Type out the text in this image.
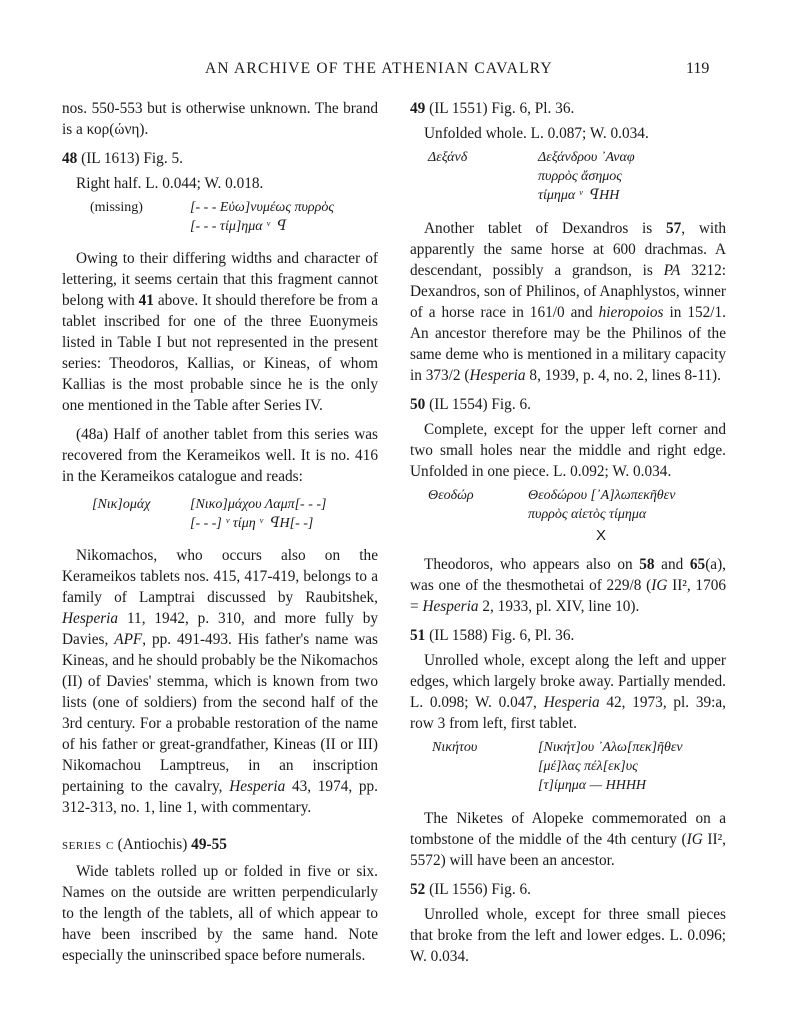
AN ARCHIVE OF THE ATHENIAN CAVALRY	119

nos. 550-553 but is otherwise unknown. The brand is a κορ(ώνη).

48 (IL 1613) Fig. 5.

Right half. L. 0.044; W. 0.018.

(missing)	[- - - Εὐω]νυμέως πυρρὸς
[- - - τίμ]ημα ᵛ  ꟼ

Owing to their differing widths and character of lettering, it seems certain that this fragment cannot belong with 41 above. It should therefore be from a tablet inscribed for one of the three Euonymeis listed in Table I but not represented in the present series: Theodoros, Kallias, or Kineas, of whom Kallias is the most probable since he is the only one mentioned in the Table after Series IV.

(48a) Half of another tablet from this series was recovered from the Kerameikos well. It is no. 416 in the Kerameikos catalogue and reads:

[Νικ]ομάχ	[Νικο]μάχου Λαμπ[- - -]
[- - -] ᵛ τίμη ᵛ  ꟼH[- -]

Nikomachos, who occurs also on the Kerameikos tablets nos. 415, 417-419, belongs to a family of Lamptrai discussed by Raubitshek, Hesperia 11, 1942, p. 310, and more fully by Davies, APF, pp. 491-493. His father's name was Kineas, and he should probably be the Nikomachos (II) of Davies' stemma, which is known from two lists (one of soldiers) from the second half of the 3rd century. For a probable restoration of the name of his father or great-grandfather, Kineas (II or III) Nikomachou Lamptreus, in an inscription pertaining to the cavalry, Hesperia 43, 1974, pp. 312-313, no. 1, line 1, with commentary.

series c (Antiochis) 49-55

Wide tablets rolled up or folded in five or six. Names on the outside are written perpendicularly to the length of the tablets, all of which appear to have been inscribed by the same hand. Note especially the uninscribed space before numerals.

49 (IL 1551) Fig. 6, Pl. 36.

Unfolded whole. L. 0.087; W. 0.034.

Δεξάνδ	Δεξάνδρου ᾿Αναφ
πυρρὸς ἄσημος
τίμημα ᵛ  ꟼHH

Another tablet of Dexandros is 57, with apparently the same horse at 600 drachmas. A descendant, possibly a grandson, is PA 3212: Dexandros, son of Philinos, of Anaphlystos, winner of a horse race in 161/0 and hieropoios in 152/1. An ancestor therefore may be the Philinos of the same deme who is mentioned in a military capacity in 373/2 (Hesperia 8, 1939, p. 4, no. 2, lines 8-11).

50 (IL 1554) Fig. 6.

Complete, except for the upper left corner and two small holes near the middle and right edge. Unfolded in one piece. L. 0.092; W. 0.034.

Θεοδώρ	Θεοδώρου [᾿Α]λωπεκῆθεν
πυρρὸς αἰετὸς τίμημα
X

Theodoros, who appears also on 58 and 65(a), was one of the thesmothetai of 229/8 (IG II², 1706 = Hesperia 2, 1933, pl. XIV, line 10).

51 (IL 1588) Fig. 6, Pl. 36.

Unrolled whole, except along the left and upper edges, which largely broke away. Partially mended. L. 0.098; W. 0.047, Hesperia 42, 1973, pl. 39:a, row 3 from left, first tablet.

Νικήτου	[Νικήτ]ου ᾿Αλω[πεκ]ῆθεν
[μέ]λας πέλ[εκ]υς
[τ]ίμημα — HHHH

The Niketes of Alopeke commemorated on a tombstone of the middle of the 4th century (IG II², 5572) will have been an ancestor.

52 (IL 1556) Fig. 6.

Unrolled whole, except for three small pieces that broke from the left and lower edges. L. 0.096; W. 0.034.
